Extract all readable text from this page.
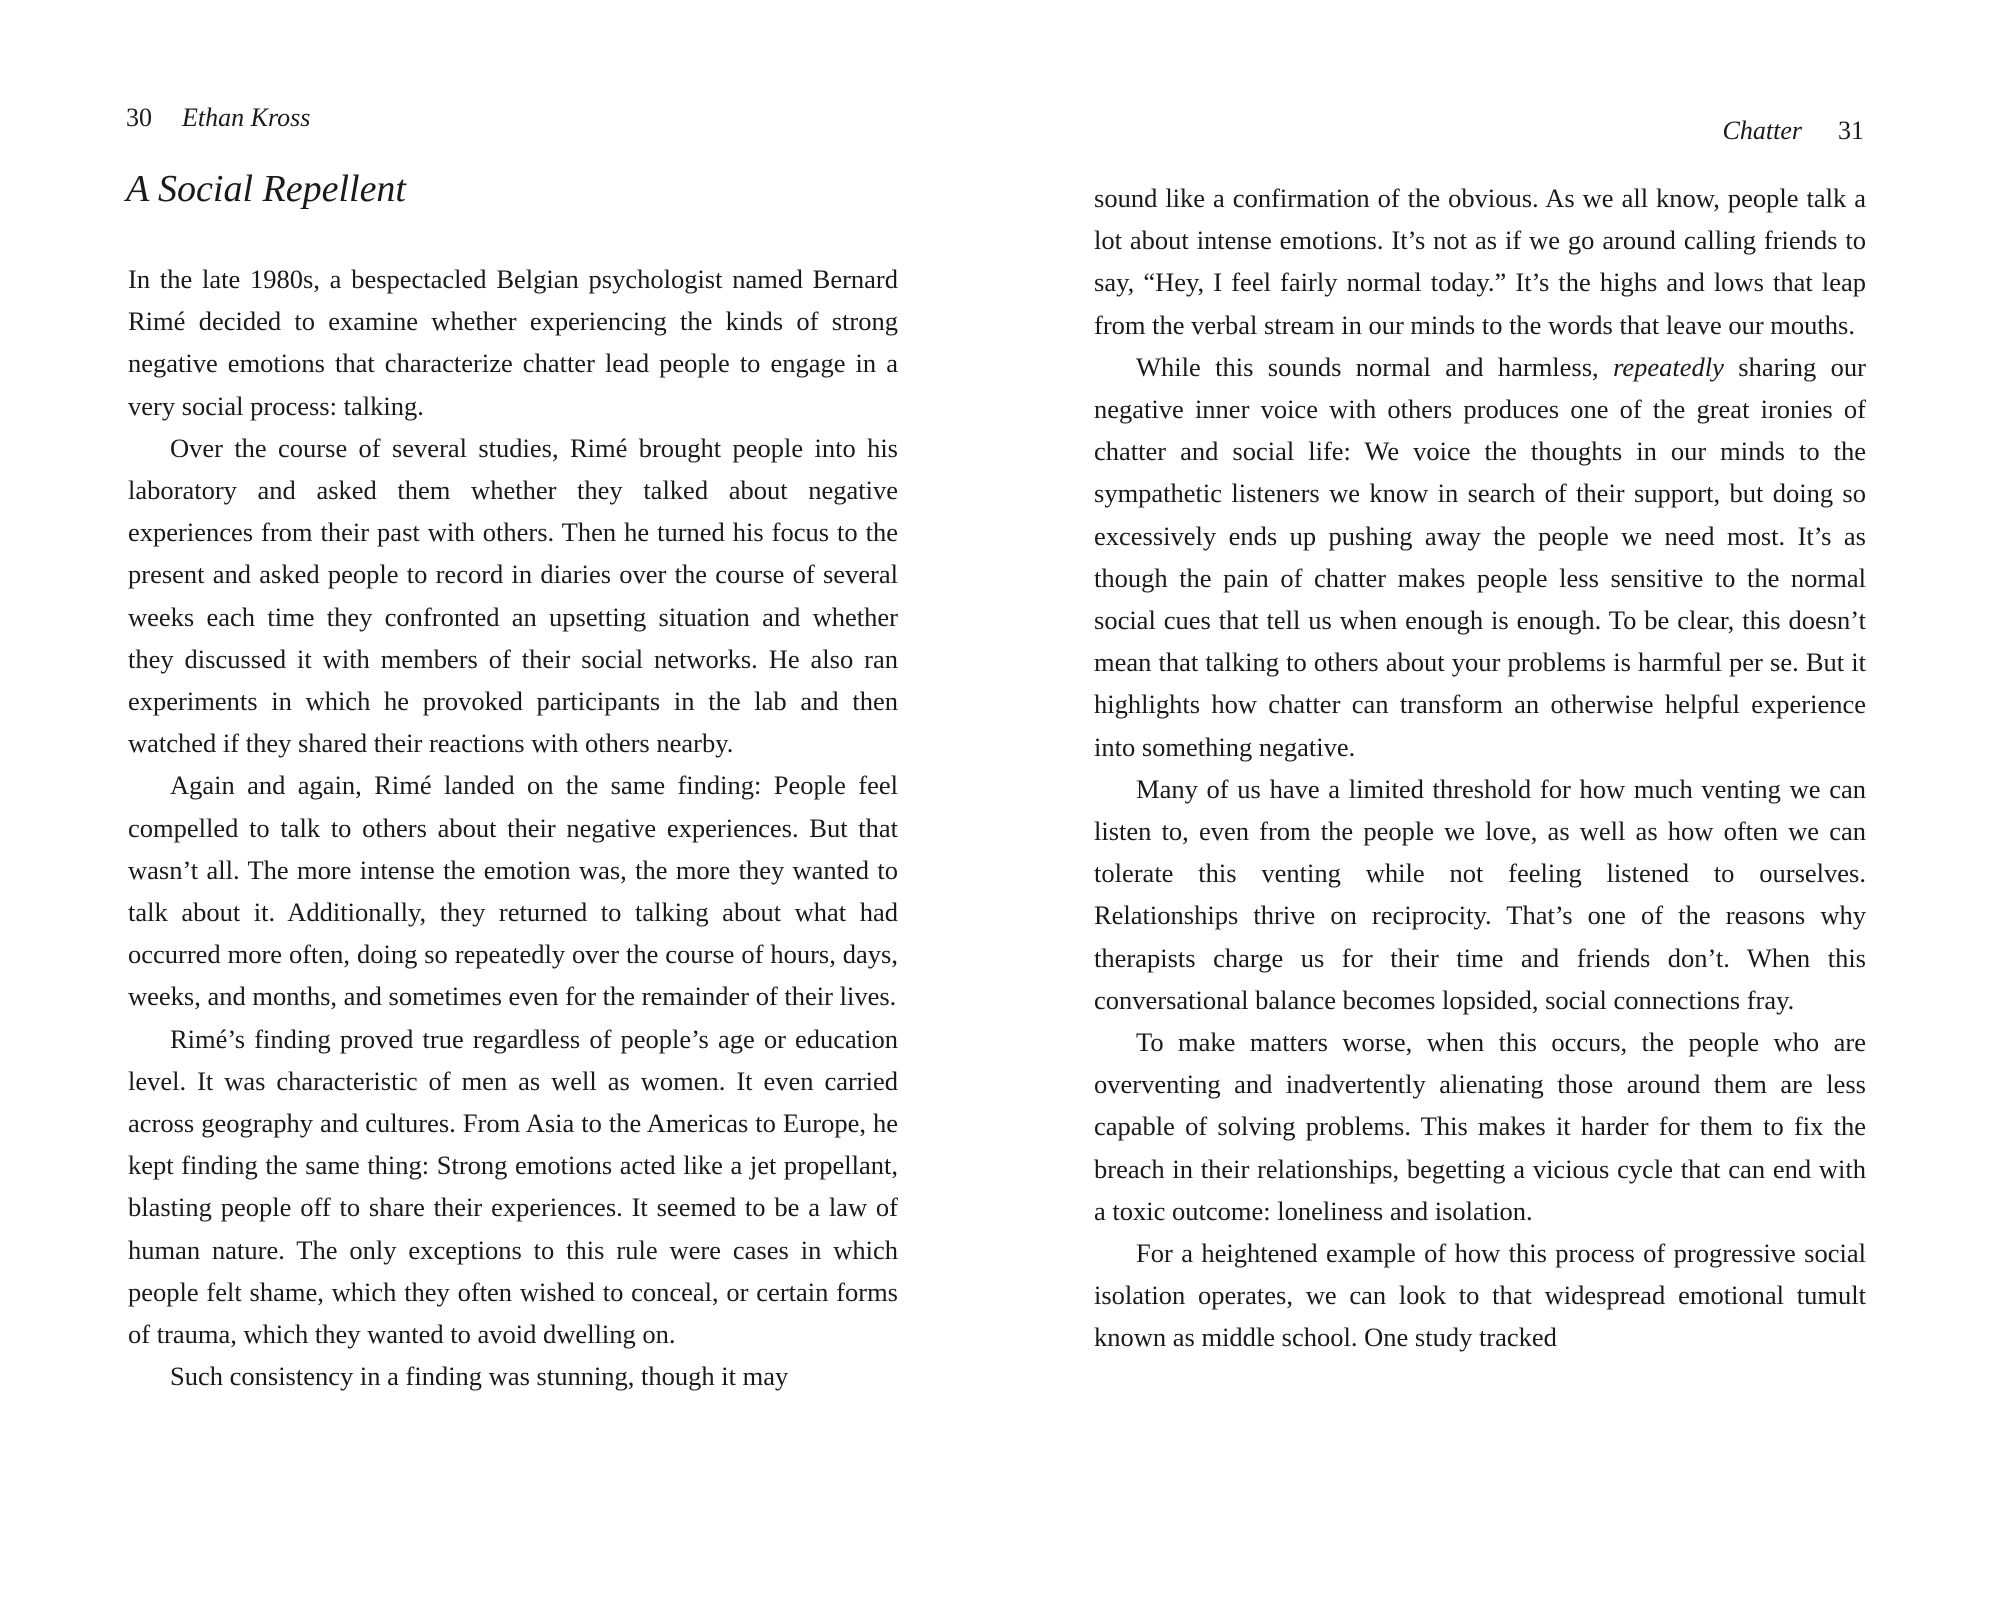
30 Ethan Kross
A Social Repellent

In the late 1980s, a bespectacled Belgian psychologist named Bernard Rimé decided to examine whether experiencing the kinds of strong negative emotions that characterize chatter lead people to engage in a very social process: talking.

Over the course of several studies, Rimé brought people into his laboratory and asked them whether they talked about negative experiences from their past with others. Then he turned his focus to the present and asked people to record in diaries over the course of several weeks each time they confronted an upsetting situation and whether they discussed it with members of their social networks. He also ran experiments in which he provoked participants in the lab and then watched if they shared their reactions with others nearby.

Again and again, Rimé landed on the same finding: People feel compelled to talk to others about their negative experiences. But that wasn’t all. The more intense the emotion was, the more they wanted to talk about it. Additionally, they returned to talking about what had occurred more often, doing so repeatedly over the course of hours, days, weeks, and months, and sometimes even for the remainder of their lives.

Rimé’s finding proved true regardless of people’s age or education level. It was characteristic of men as well as women. It even carried across geography and cultures. From Asia to the Americas to Europe, he kept finding the same thing: Strong emotions acted like a jet propellant, blasting people off to share their experiences. It seemed to be a law of human nature. The only exceptions to this rule were cases in which people felt shame, which they often wished to conceal, or certain forms of trauma, which they wanted to avoid dwelling on.

Such consistency in a finding was stunning, though it may

Chatter 31

sound like a confirmation of the obvious. As we all know, people talk a lot about intense emotions. It’s not as if we go around calling friends to say, “Hey, I feel fairly normal today.” It’s the highs and lows that leap from the verbal stream in our minds to the words that leave our mouths.

While this sounds normal and harmless, repeatedly sharing our negative inner voice with others produces one of the great ironies of chatter and social life: We voice the thoughts in our minds to the sympathetic listeners we know in search of their support, but doing so excessively ends up pushing away the people we need most. It’s as though the pain of chatter makes people less sensitive to the normal social cues that tell us when enough is enough. To be clear, this doesn’t mean that talking to others about your problems is harmful per se. But it highlights how chatter can transform an otherwise helpful experience into something negative.

Many of us have a limited threshold for how much venting we can listen to, even from the people we love, as well as how often we can tolerate this venting while not feeling listened to ourselves. Relationships thrive on reciprocity. That’s one of the reasons why therapists charge us for their time and friends don’t. When this conversational balance becomes lopsided, social connections fray.

To make matters worse, when this occurs, the people who are overventing and inadvertently alienating those around them are less capable of solving problems. This makes it harder for them to fix the breach in their relationships, begetting a vicious cycle that can end with a toxic outcome: loneliness and isolation.

For a heightened example of how this process of progressive social isolation operates, we can look to that widespread emotional tumult known as middle school. One study tracked
